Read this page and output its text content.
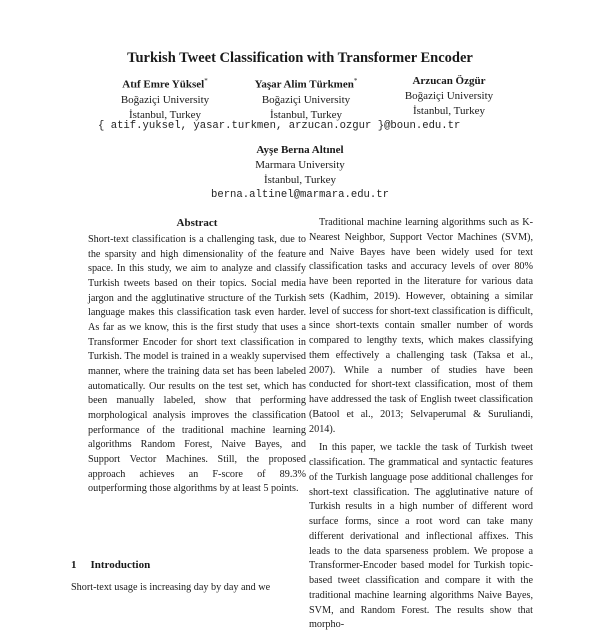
Turkish Tweet Classification with Transformer Encoder
Atıf Emre Yüksel*
Boğaziçi University
İstanbul, Turkey
Yaşar Alim Türkmen*
Boğaziçi University
İstanbul, Turkey
Arzucan Özgür
Boğaziçi University
İstanbul, Turkey
{ atif.yuksel, yasar.turkmen, arzucan.ozgur }@boun.edu.tr
Ayşe Berna Altınel
Marmara University
İstanbul, Turkey
berna.altinel@marmara.edu.tr
Abstract
Short-text classification is a challenging task, due to the sparsity and high dimensionality of the feature space. In this study, we aim to analyze and classify Turkish tweets based on their topics. Social media jargon and the agglutinative structure of the Turkish language makes this classification task even harder. As far as we know, this is the first study that uses a Transformer Encoder for short text classification in Turkish. The model is trained in a weakly supervised manner, where the training data set has been labeled automatically. Our results on the test set, which has been manually labeled, show that performing morphological analysis improves the classification performance of the traditional machine learning algorithms Random Forest, Naive Bayes, and Support Vector Machines. Still, the proposed approach achieves an F-score of 89.3% outperforming those algorithms by at least 5 points.
1 Introduction
Short-text usage is increasing day by day and we

Traditional machine learning algorithms such as K-Nearest Neighbor, Support Vector Machines (SVM), and Naive Bayes have been widely used for text classification tasks and accuracy levels of over 80% have been reported in the literature for various data sets (Kadhim, 2019). However, obtaining a similar level of success for short-text classification is difficult, since short-texts contain smaller number of words compared to lengthy texts, which makes classifying them effectively a challenging task (Taksa et al., 2007). While a number of studies have been conducted for short-text classification, most of them have addressed the task of English tweet classification (Batool et al., 2013; Selvaperumal & Suruliandi, 2014).

In this paper, we tackle the task of Turkish tweet classification. The grammatical and syntactic features of the Turkish language pose additional challenges for short-text classification. The agglutinative nature of Turkish results in a high number of different word surface forms, since a root word can take many different derivational and inflectional affixes. This leads to the data sparseness problem. We propose a Transformer-Encoder based model for Turkish topic-based tweet classification and compare it with the traditional machine learning algorithms Naive Bayes, SVM, and Random Forest. The results show that morpho-
